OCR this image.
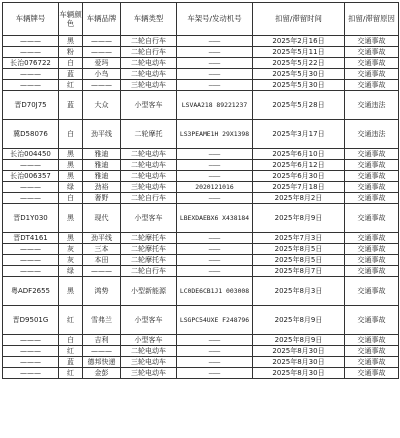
车辆牌号	车辆颜色	车辆品牌	车辆类型	车架号/发动机号	扣留/滞留时间	扣留/滞留原因
———	黑	———	二轮自行车	———	2025年2月16日	交通事故
———	粉	———	二轮自行车	———	2025年5月11日	交通事故
长治076722	白	爱玛	二轮电动车	———	2025年5月22日	交通事故
———	蓝	小鸟	二轮电动车	———	2025年5月30日	交通事故
———	红	———	三轮电动车	———	2025年5月30日	交通事故
晋D70J75	蓝	大众	小型客车	LSVAA218 89221237	2025年5月28日	交通违法
冀D58076	白	劲平线	二轮摩托	LS3PEAME1H 29X1398	2025年3月17日	交通违法
长治004450	黑	雅迪	二轮电动车	———	2025年6月10日	交通事故
———	黑	雅迪	二轮电动车	———	2025年6月12日	交通事故
长治006357	黑	雅迪	二轮电动车	———	2025年6月30日	交通事故
———	绿	劲裕	三轮电动车	2020121016	2025年7月18日	交通事故
———	白	奢野	二轮自行车	———	2025年8月2日	交通事故
晋D1Y030	黑	现代	小型客车	LBEXDAEBX6 X438184	2025年8月9日	交通事故
晋DT4161	黑	劲平线	二轮摩托车	———	2025年7月3日	交通事故
———	灰	三本	二轮摩托车	———	2025年8月5日	交通事故
———	灰	本田	二轮摩托车	———	2025年8月5日	交通事故
———	绿	———	二轮自行车	———	2025年8月7日	交通事故
粤ADF2655	黑	鸿势	小型新能源	LC0DE6CB1J1 003008	2025年8月3日	交通事故
晋D9501G	红	雪弗兰	小型客车	LSGPC54UXE F248796	2025年8月9日	交通事故
———	白	吉利	小型客车	———	2025年8月9日	交通事故
———	红	———	二轮电动车	———	2025年8月30日	交通事故
———	蓝	德邦快递	三轮电动车	———	2025年8月30日	交通事故
———	红	金彭	三轮电动车	———	2025年8月30日	交通事故
